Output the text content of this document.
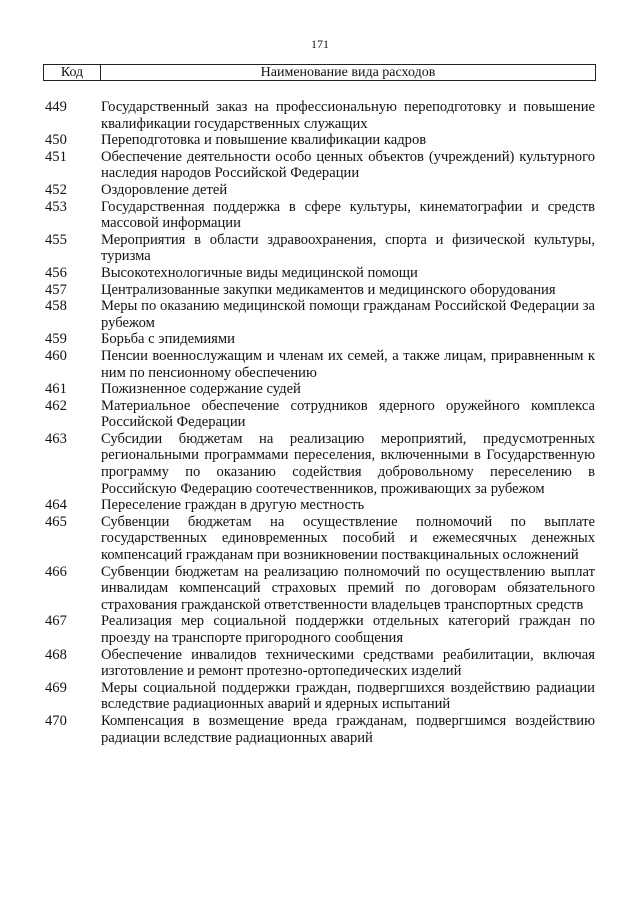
171
Код	Наименование вида расходов
449	Государственный заказ на профессиональную переподготовку и повышение квалификации государственных служащих
450	Переподготовка и повышение квалификации кадров
451	Обеспечение деятельности особо ценных объектов (учреждений) культурного наследия народов Российской Федерации
452	Оздоровление детей
453	Государственная поддержка в сфере культуры, кинематографии и средств массовой информации
455	Мероприятия в области здравоохранения, спорта и физической культуры, туризма
456	Высокотехнологичные виды медицинской помощи
457	Централизованные закупки медикаментов и медицинского оборудования
458	Меры по оказанию медицинской помощи гражданам Российской Федерации за рубежом
459	Борьба с эпидемиями
460	Пенсии военнослужащим и членам их семей, а также лицам, приравненным к ним по пенсионному обеспечению
461	Пожизненное содержание судей
462	Материальное обеспечение сотрудников ядерного оружейного комплекса Российской Федерации
463	Субсидии бюджетам на реализацию мероприятий, предусмотренных региональными программами переселения, включенными в Государственную программу по оказанию содействия добровольному переселению в Российскую Федерацию соотечественников, проживающих за рубежом
464	Переселение граждан в другую местность
465	Субвенции бюджетам на осуществление полномочий по выплате государственных единовременных пособий и ежемесячных денежных компенсаций гражданам при возникновении поствакцинальных осложнений
466	Субвенции бюджетам на реализацию полномочий по осуществлению выплат инвалидам компенсаций страховых премий по договорам обязательного страхования гражданской ответственности владельцев транспортных средств
467	Реализация мер социальной поддержки отдельных категорий граждан по проезду на транспорте пригородного сообщения
468	Обеспечение инвалидов техническими средствами реабилитации, включая изготовление и ремонт протезно-ортопедических изделий
469	Меры социальной поддержки граждан, подвергшихся воздействию радиации вследствие радиационных аварий и ядерных испытаний
470	Компенсация в возмещение вреда гражданам, подвергшимся воздействию радиации вследствие радиационных аварий
